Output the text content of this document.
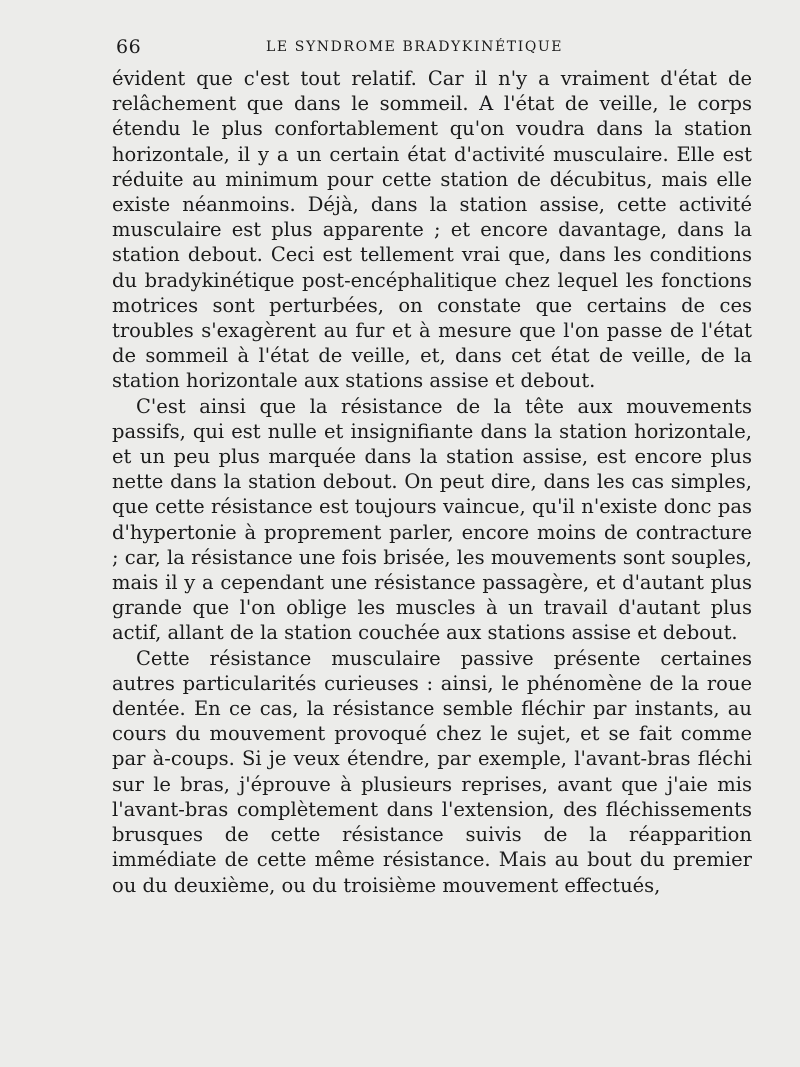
66	LE SYNDROME BRADYKINÉTIQUE

évident que c'est tout relatif. Car il n'y a vraiment d'état de relâchement que dans le sommeil. A l'état de veille, le corps étendu le plus confortablement qu'on voudra dans la station horizontale, il y a un certain état d'activité musculaire. Elle est réduite au minimum pour cette station de décubitus, mais elle existe néanmoins. Déjà, dans la station assise, cette activité musculaire est plus apparente ; et encore davantage, dans la station debout. Ceci est tellement vrai que, dans les conditions du bradykinétique post-encéphalitique chez lequel les fonctions motrices sont perturbées, on constate que certains de ces troubles s'exagèrent au fur et à mesure que l'on passe de l'état de sommeil à l'état de veille, et, dans cet état de veille, de la station horizontale aux stations assise et debout.

C'est ainsi que la résistance de la tête aux mouvements passifs, qui est nulle et insignifiante dans la station horizontale, et un peu plus marquée dans la station assise, est encore plus nette dans la station debout. On peut dire, dans les cas simples, que cette résistance est toujours vaincue, qu'il n'existe donc pas d'hypertonie à proprement parler, encore moins de contracture ; car, la résistance une fois brisée, les mouvements sont souples, mais il y a cependant une résistance passagère, et d'autant plus grande que l'on oblige les muscles à un travail d'autant plus actif, allant de la station couchée aux stations assise et debout.

Cette résistance musculaire passive présente certaines autres particularités curieuses : ainsi, le phénomène de la roue dentée. En ce cas, la résistance semble fléchir par instants, au cours du mouvement provoqué chez le sujet, et se fait comme par à-coups. Si je veux étendre, par exemple, l'avant-bras fléchi sur le bras, j'éprouve à plusieurs reprises, avant que j'aie mis l'avant-bras complètement dans l'extension, des fléchissements brusques de cette résistance suivis de la réapparition immédiate de cette même résistance. Mais au bout du premier ou du deuxième, ou du troisième mouvement effectués,
